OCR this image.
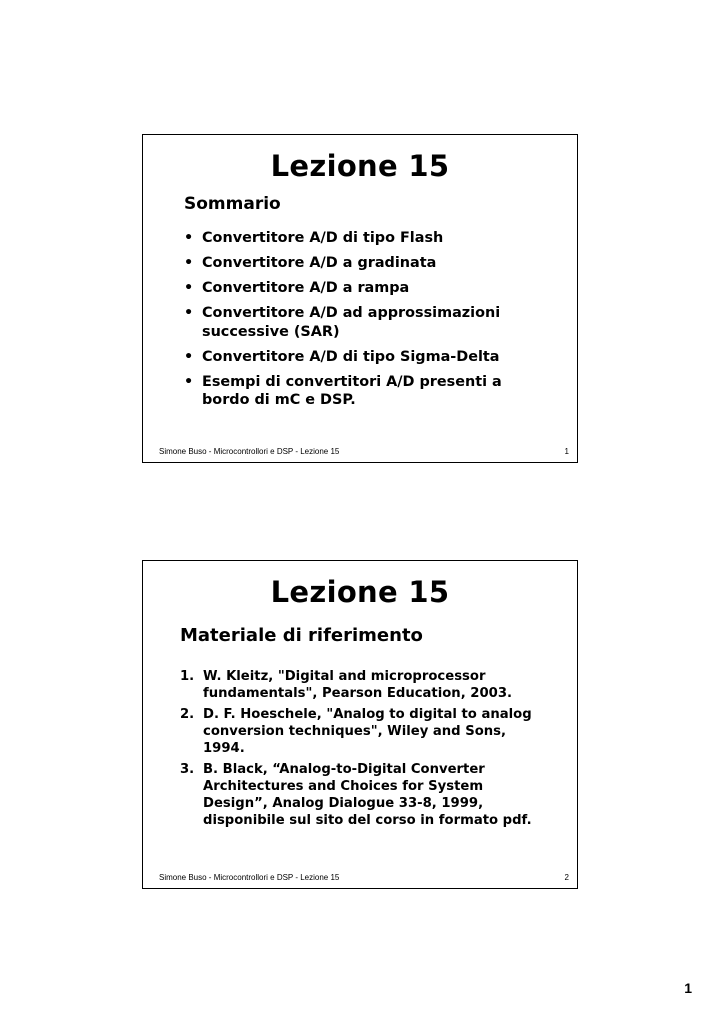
Lezione 15
Sommario
• Convertitore A/D di tipo Flash
• Convertitore A/D a gradinata
• Convertitore A/D a rampa
• Convertitore A/D ad approssimazioni successive (SAR)
• Convertitore A/D di tipo Sigma-Delta
• Esempi di convertitori A/D presenti a bordo di mC e DSP.
Simone Buso - Microcontrollori e DSP - Lezione 15	1
Lezione 15
Materiale di riferimento
1. W. Kleitz, "Digital and microprocessor fundamentals", Pearson Education, 2003.
2. D. F. Hoeschele, "Analog to digital to analog conversion techniques", Wiley and Sons, 1994.
3. B. Black, “Analog-to-Digital Converter Architectures and Choices for System Design”, Analog Dialogue 33-8, 1999, disponibile sul sito del corso in formato pdf.
Simone Buso - Microcontrollori e DSP - Lezione 15	2
1
